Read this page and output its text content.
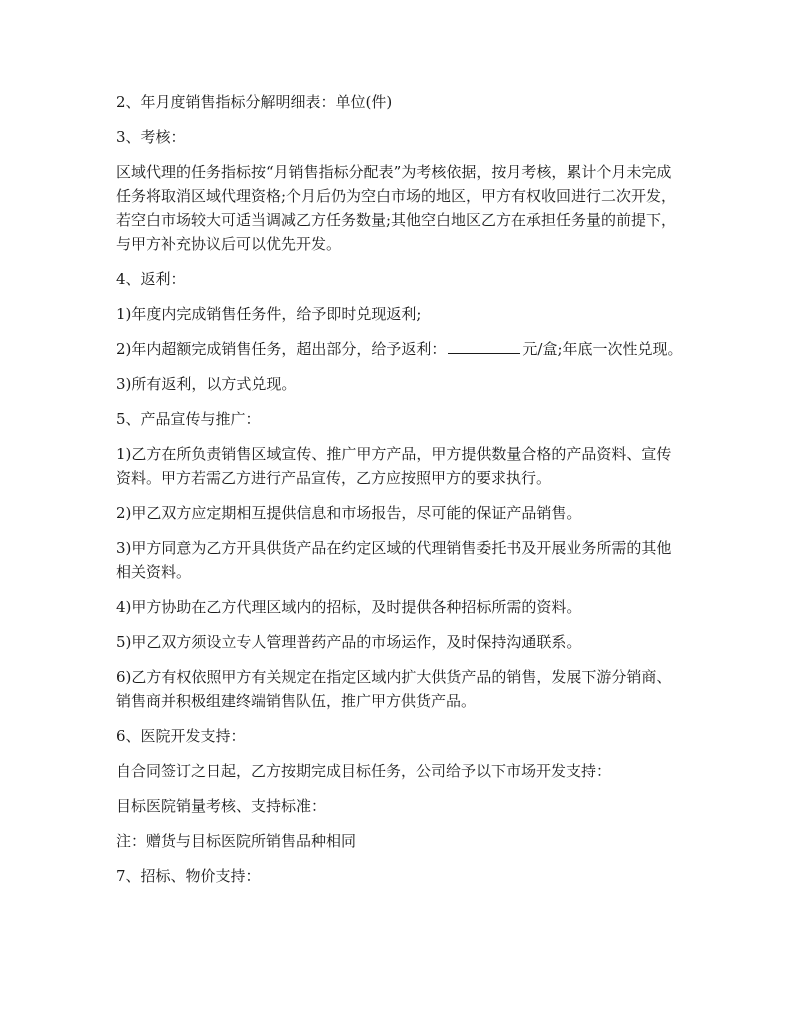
2、年月度销售指标分解明细表：单位(件)

3、考核：

区域代理的任务指标按“月销售指标分配表”为考核依据，按月考核，累计个月未完成任务将取消区域代理资格;个月后仍为空白市场的地区，甲方有权收回进行二次开发，若空白市场较大可适当调减乙方任务数量;其他空白地区乙方在承担任务量的前提下，与甲方补充协议后可以优先开发。

4、返利：

1)年度内完成销售任务件，给予即时兑现返利;

2)年内超额完成销售任务，超出部分，给予返利：	元/盒;年底一次性兑现。

3)所有返利，以方式兑现。

5、产品宣传与推广：

1)乙方在所负责销售区域宣传、推广甲方产品，甲方提供数量合格的产品资料、宣传资料。甲方若需乙方进行产品宣传，乙方应按照甲方的要求执行。

2)甲乙双方应定期相互提供信息和市场报告，尽可能的保证产品销售。

3)甲方同意为乙方开具供货产品在约定区域的代理销售委托书及开展业务所需的其他相关资料。

4)甲方协助在乙方代理区域内的招标，及时提供各种招标所需的资料。

5)甲乙双方须设立专人管理普药产品的市场运作，及时保持沟通联系。

6)乙方有权依照甲方有关规定在指定区域内扩大供货产品的销售，发展下游分销商、销售商并积极组建终端销售队伍，推广甲方供货产品。

6、医院开发支持：

自合同签订之日起，乙方按期完成目标任务，公司给予以下市场开发支持：

目标医院销量考核、支持标准：

注：赠货与目标医院所销售品种相同

7、招标、物价支持：
